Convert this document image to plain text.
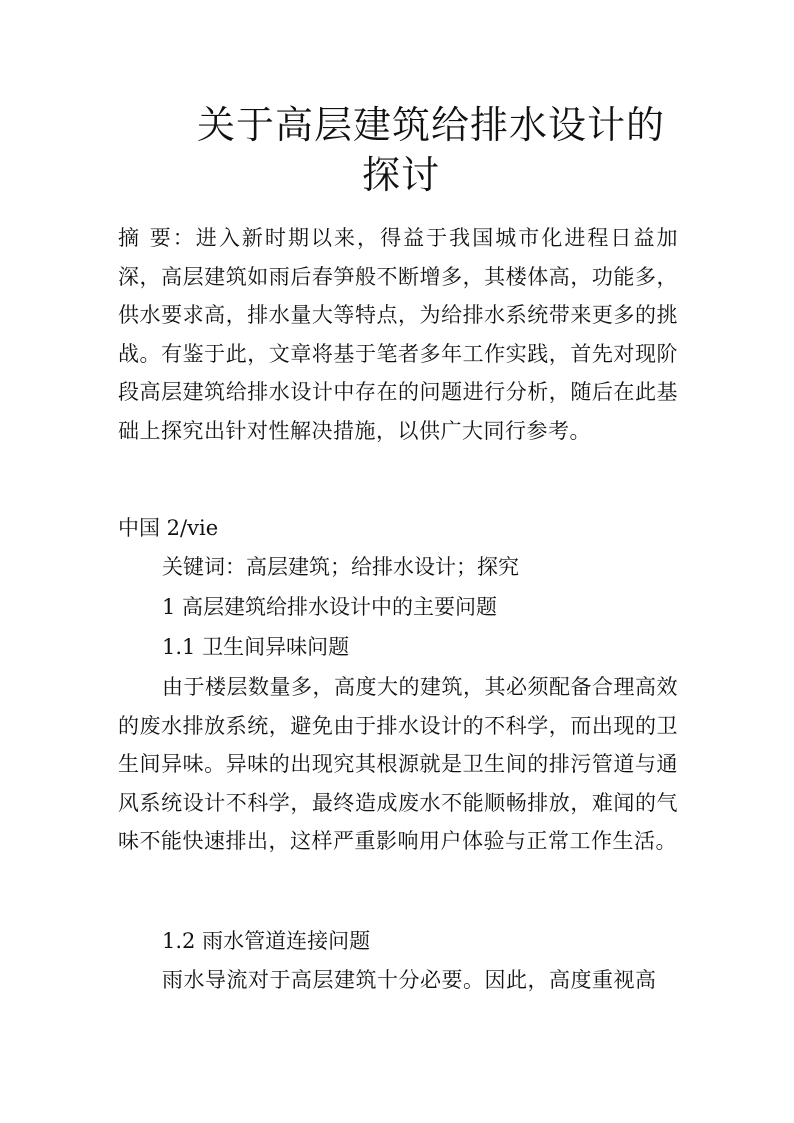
关于高层建筑给排水设计的
探讨
摘 要：进入新时期以来，得益于我国城市化进程日益加深，高层建筑如雨后春笋般不断增多，其楼体高，功能多，供水要求高，排水量大等特点，为给排水系统带来更多的挑战。有鉴于此，文章将基于笔者多年工作实践，首先对现阶段高层建筑给排水设计中存在的问题进行分析，随后在此基础上探究出针对性解决措施，以供广大同行参考。
中国 2/vie
关键词：高层建筑；给排水设计；探究
1 高层建筑给排水设计中的主要问题
1.1 卫生间异味问题
由于楼层数量多，高度大的建筑，其必须配备合理高效的废水排放系统，避免由于排水设计的不科学，而出现的卫生间异味。异味的出现究其根源就是卫生间的排污管道与通风系统设计不科学，最终造成废水不能顺畅排放，难闻的气味不能快速排出，这样严重影响用户体验与正常工作生活。
1.2 雨水管道连接问题
雨水导流对于高层建筑十分必要。因此，高度重视高
